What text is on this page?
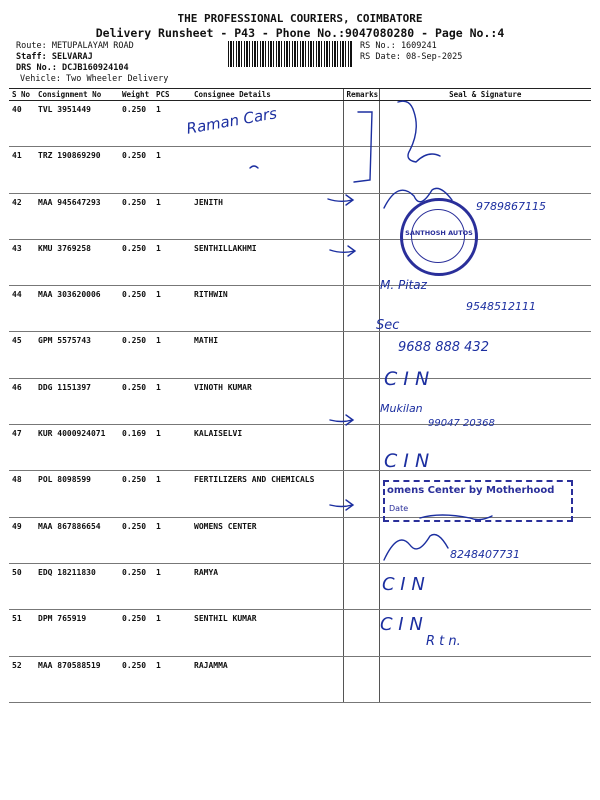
THE PROFESSIONAL COURIERS, COIMBATORE
Delivery Runsheet - P43 - Phone No.:9047080280 - Page No.:4
Route: METUPALAYAM ROAD
Staff: SELVARAJ
DRS No.: DCJB160924104
Vehicle: Two Wheeler Delivery
RS No.: 1609241
RS Date: 08-Sep-2025
S No	Consignment No	Weight	PCS	Consignee Details	Remarks	Seal & Signature
40	TVL 3951449	0.250	1			
41	TRZ 190869290	0.250	1			
42	MAA 945647293	0.250	1	JENITH		
43	KMU 3769258	0.250	1	SENTHILLAKHMI		
44	MAA 303620006	0.250	1	RITHWIN		
45	GPM 5575743	0.250	1	MATHI		
46	DDG 1151397	0.250	1	VINOTH KUMAR		
47	KUR 4000924071	0.169	1	KALAISELVI		
48	POL 8098599	0.250	1	FERTILIZERS AND CHEMICALS		
49	MAA 867886654	0.250	1	WOMENS CENTER		
50	EDQ 18211830	0.250	1	RAMYA		
51	DPM 765919	0.250	1	SENTHIL KUMAR		
52	MAA 870588519	0.250	1	RAJAMMA		
Raman Cars
9789867115
M. Pitaz
9548512111
Sec
9688 888 432
C I N
Mukilan
99047 20368
C I N
8248407731
C I N
C I N
R t n.
SANTHOSH AUTOS
omens Center by Motherhood
Date
